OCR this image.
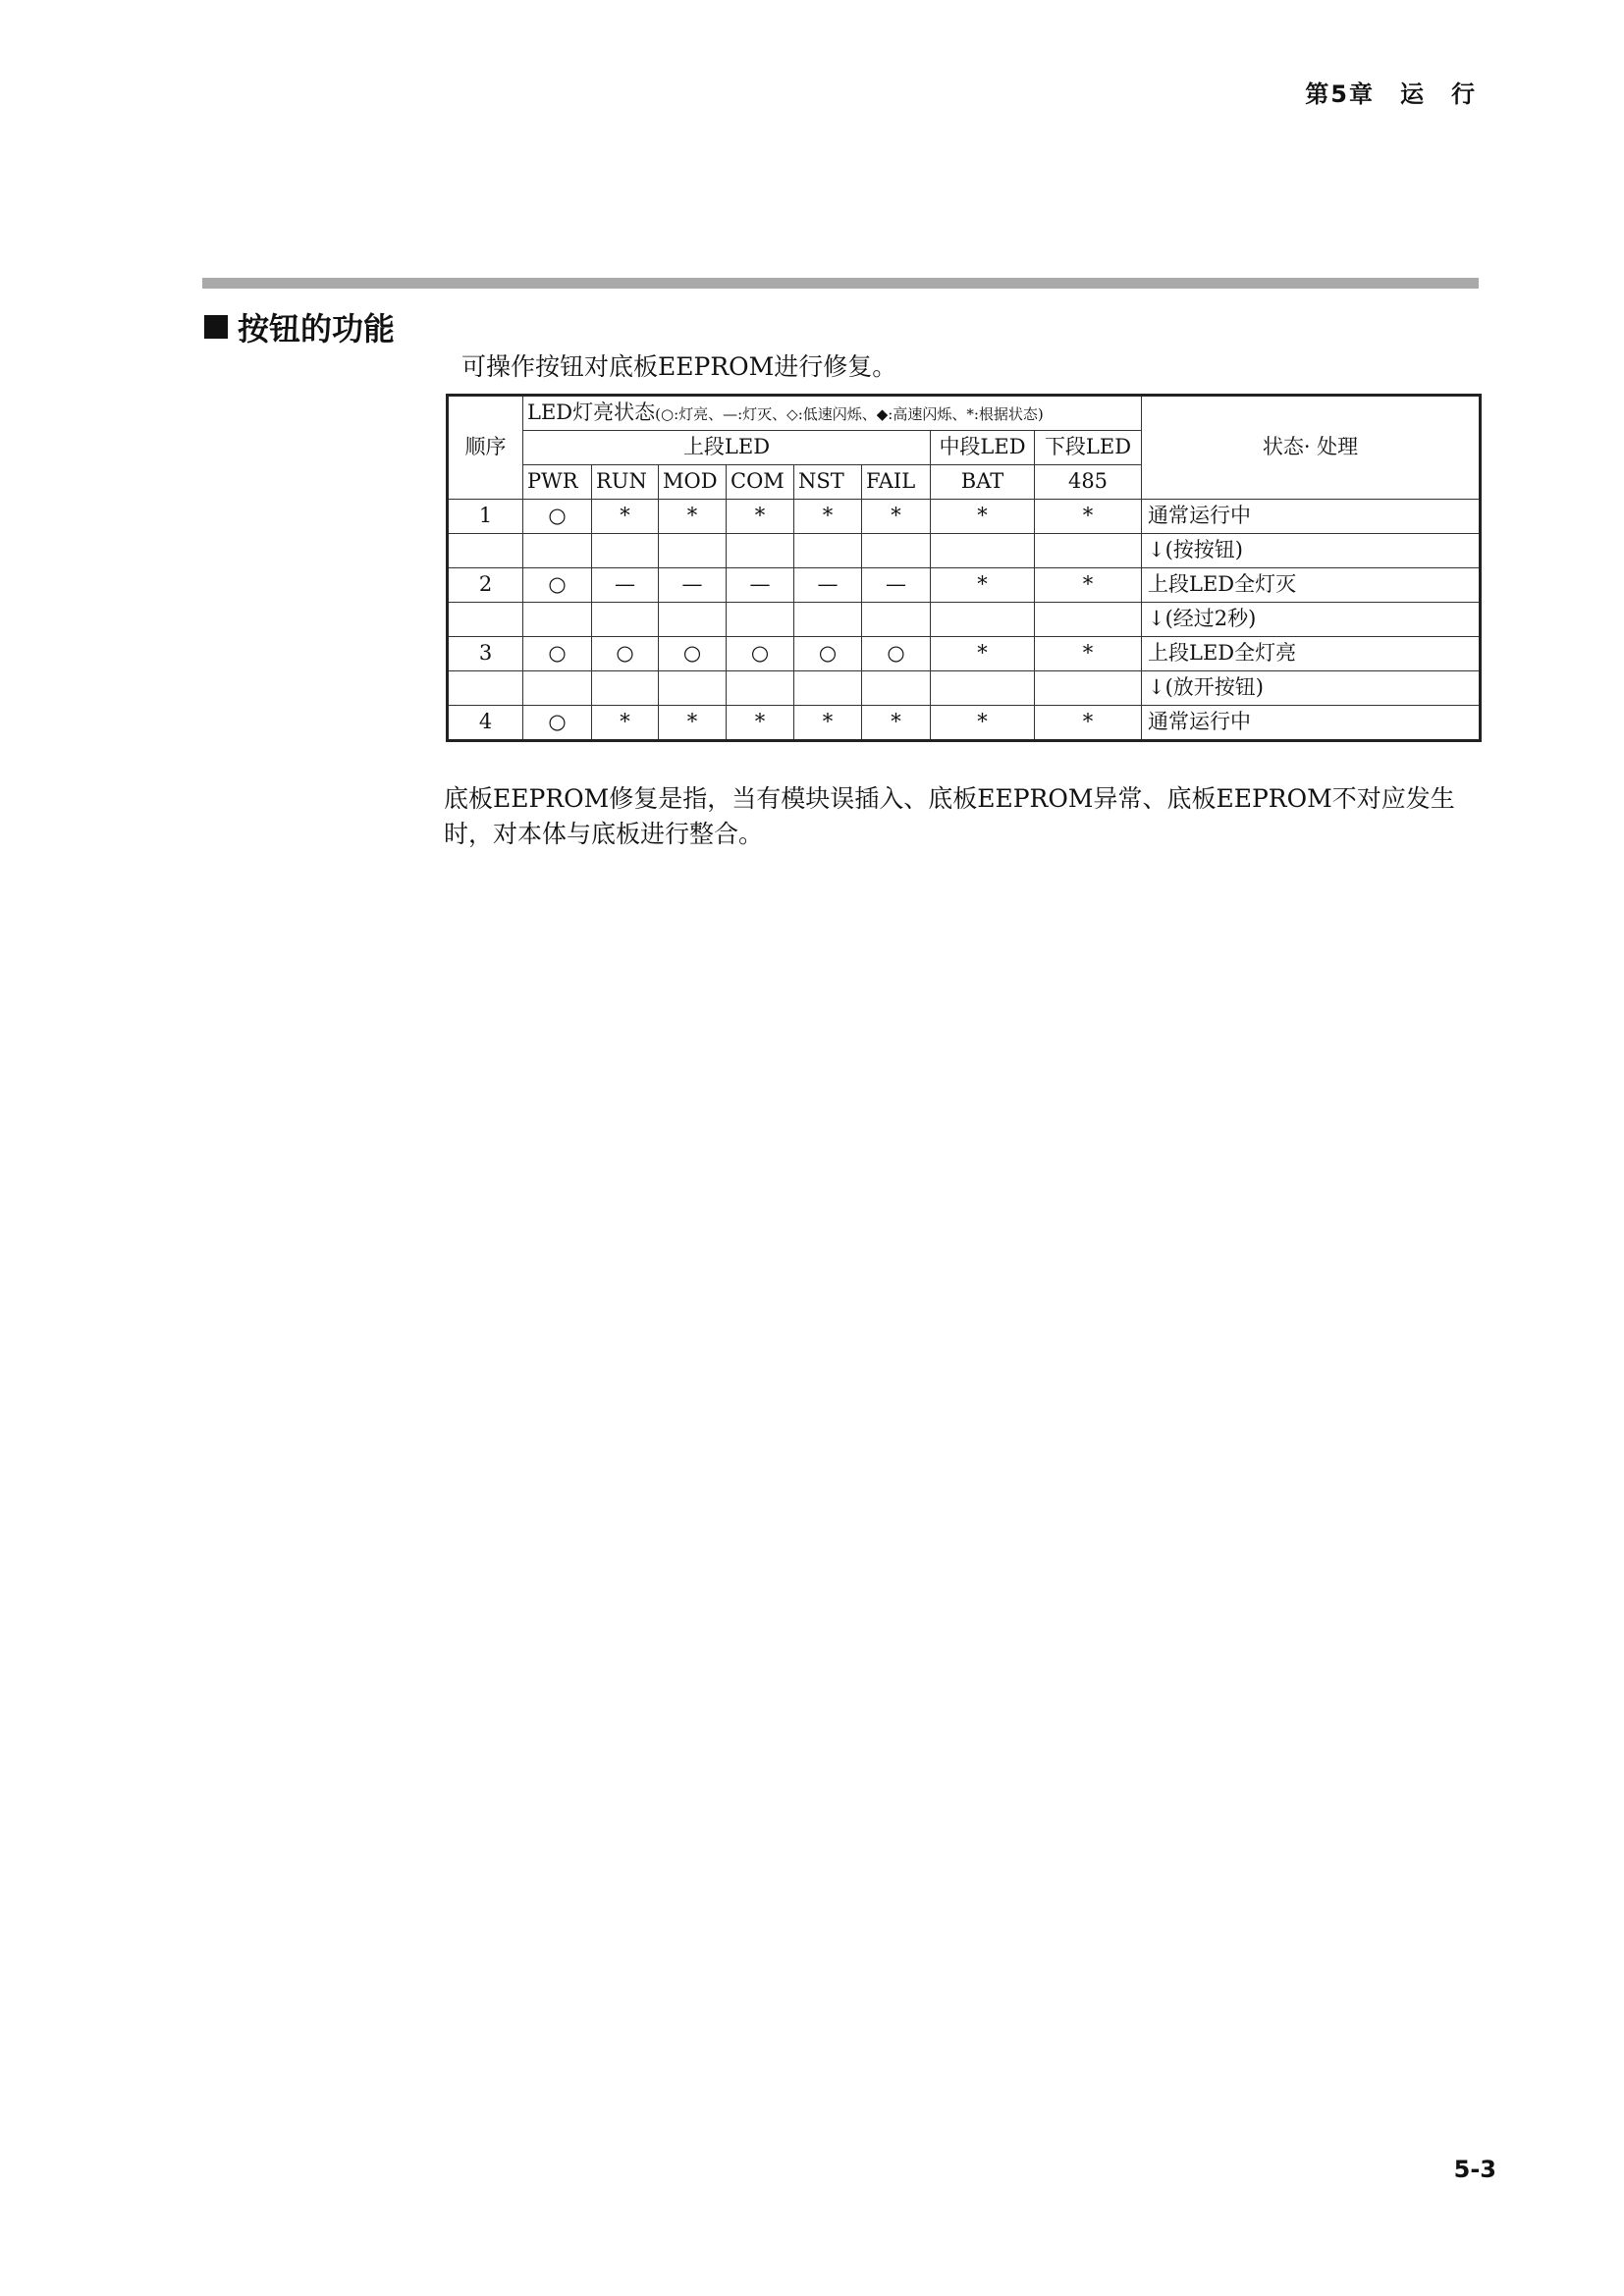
第5章　运　行
按钮的功能
可操作按钮对底板EEPROM进行修复。
顺序	LED灯亮状态(○:灯亮、—:灯灭、◇:低速闪烁、◆:高速闪烁、*:根据状态)								状态· 处理
	上段LED						中段LED	下段LED	
	PWR	RUN	MOD	COM	NST	FAIL	BAT	485	
1	○	*	*	*	*	*	*	*	通常运行中
									↓(按按钮)
2	○	—	—	—	—	—	*	*	上段LED全灯灭
									↓(经过2秒)
3	○	○	○	○	○	○	*	*	上段LED全灯亮
									↓(放开按钮)
4	○	*	*	*	*	*	*	*	通常运行中
底板EEPROM修复是指，当有模块误插入、底板EEPROM异常、底板EEPROM不对应发生
时，对本体与底板进行整合。
5-3
